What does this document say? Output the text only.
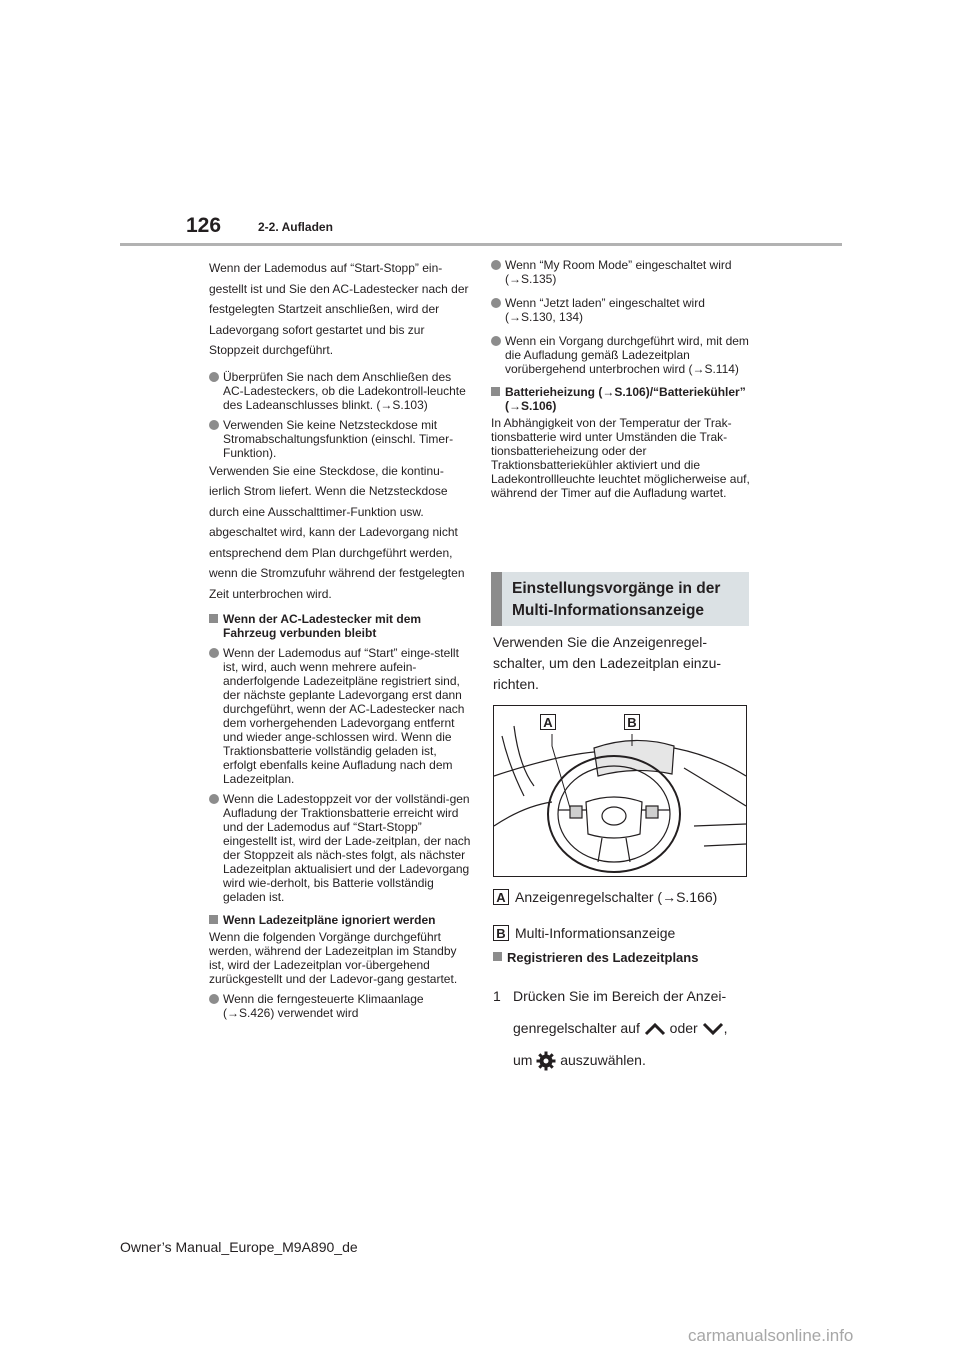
126	2-2. Aufladen

Wenn der Lademodus auf “Start-Stopp” ein-gestellt ist und Sie den AC-Ladestecker nach der festgelegten Startzeit anschließen, wird der Ladevorgang sofort gestartet und bis zur Stoppzeit durchgeführt.

Überprüfen Sie nach dem Anschließen des AC-Ladesteckers, ob die Ladekontroll-leuchte des Ladeanschlusses blinkt. (→S.103)
Verwenden Sie keine Netzsteckdose mit Stromabschaltungsfunktion (einschl. Timer-Funktion).

Verwenden Sie eine Steckdose, die kontinu-ierlich Strom liefert. Wenn die Netzsteckdose durch eine Ausschalttimer-Funktion usw. abgeschaltet wird, kann der Ladevorgang nicht entsprechend dem Plan durchgeführt werden, wenn die Stromzufuhr während der festgelegten Zeit unterbrochen wird.

Wenn der AC-Ladestecker mit dem Fahrzeug verbunden bleibt
Wenn der Lademodus auf “Start” einge-stellt ist, wird, auch wenn mehrere aufein-anderfolgende Ladezeitpläne registriert sind, der nächste geplante Ladevorgang erst dann durchgeführt, wenn der AC-Ladestecker nach dem vorhergehenden Ladevorgang entfernt und wieder ange-schlossen wird. Wenn die Traktionsbatterie vollständig geladen ist, erfolgt ebenfalls keine Aufladung nach dem Ladezeitplan.
Wenn die Ladestoppzeit vor der vollständi-gen Aufladung der Traktionsbatterie erreicht wird und der Lademodus auf “Start-Stopp” eingestellt ist, wird der Lade-zeitplan, der nach der Stoppzeit als näch-stes folgt, als nächster Ladezeitplan aktualisiert und der Ladevorgang wird wie-derholt, bis Batterie vollständig geladen ist.
Wenn Ladezeitpläne ignoriert werden

Wenn die folgenden Vorgänge durchgeführt werden, während der Ladezeitplan im Standby ist, wird der Ladezeitplan vor-übergehend zurückgestellt und der Ladevor-gang gestartet.

Wenn die ferngesteuerte Klimaanlage (→S.426) verwendet wird
Wenn “My Room Mode” eingeschaltet wird (→S.135)
Wenn “Jetzt laden” eingeschaltet wird (→S.130, 134)
Wenn ein Vorgang durchgeführt wird, mit dem die Aufladung gemäß Ladezeitplan vorübergehend unterbrochen wird (→S.114)
Batterieheizung (→S.106)/“Batteriekühler” (→S.106)

In Abhängigkeit von der Temperatur der Trak-tionsbatterie wird unter Umständen die Trak-tionsbatterieheizung oder der Traktionsbatteriekühler aktiviert und die Ladekontrollleuchte leuchtet möglicherweise auf, während der Timer auf die Aufladung wartet.

Einstellungsvorgänge in der Multi-Informationsanzeige

Verwenden Sie die Anzeigenregel-schalter, um den Ladezeitplan einzu-richten.

A	B
A Anzeigenregelschalter (→S.166)
B Multi-Informationsanzeige
Registrieren des Ladezeitplans
1 Drücken Sie im Bereich der Anzei-genregelschalter auf oder ,
um auszuwählen.
Owner’s Manual_Europe_M9A890_de
carmanualsonline.info
